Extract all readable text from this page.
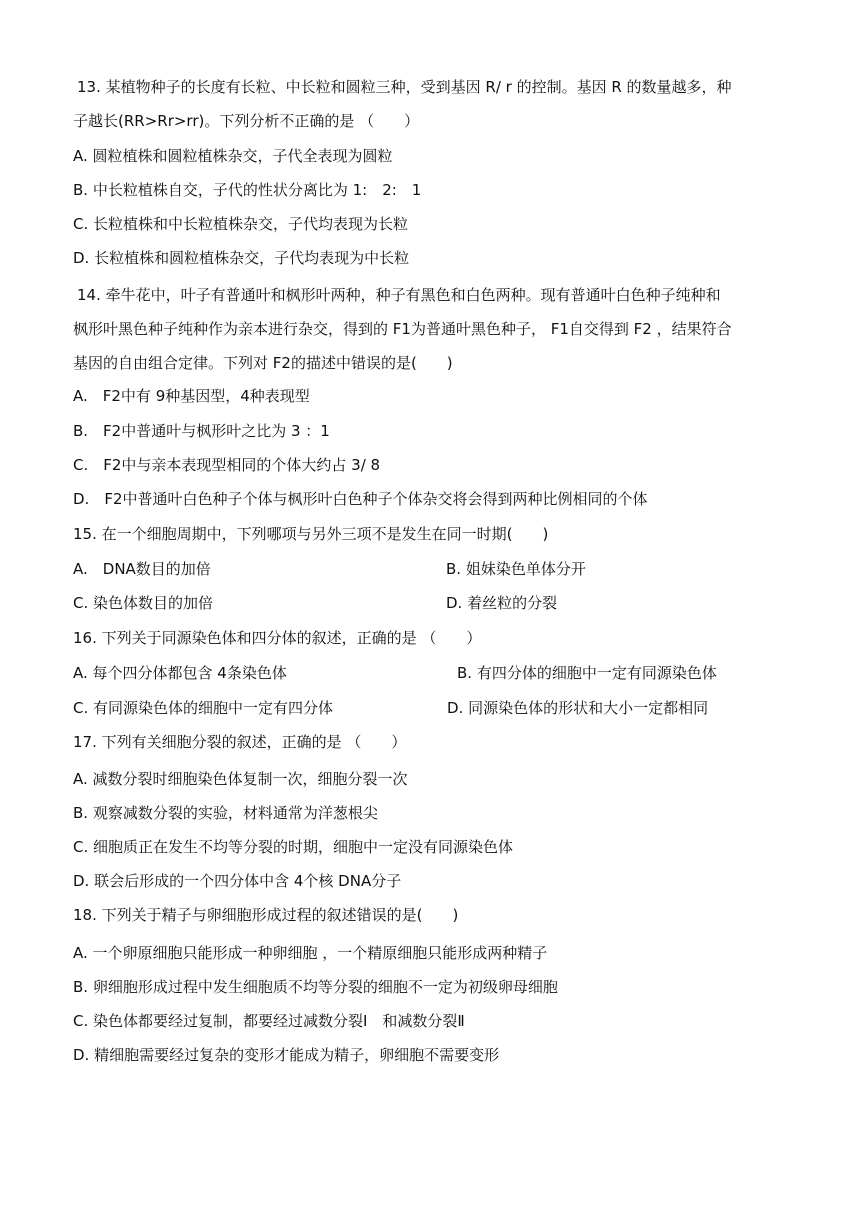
13. 某植物种子的长度有长粒、中长粒和圆粒三种，受到基因 R/ r 的控制。基因 R 的数量越多，种
子越长(RR>Rr>rr)。下列分析不正确的是 （　　）
A. 圆粒植株和圆粒植株杂交，子代全表现为圆粒
B. 中长粒植株自交，子代的性状分离比为 1:　2:　1
C. 长粒植株和中长粒植株杂交，子代均表现为长粒
D. 长粒植株和圆粒植株杂交，子代均表现为中长粒
14. 牵牛花中，叶子有普通叶和枫形叶两种，种子有黑色和白色两种。现有普通叶白色种子纯种和
枫形叶黑色种子纯种作为亲本进行杂交，得到的 F1为普通叶黑色种子， F1自交得到 F2 ，结果符合
基因的自由组合定律。下列对 F2的描述中错误的是(　　)
A.　F2中有 9种基因型，4种表现型
B.　F2中普通叶与枫形叶之比为 3 ：1
C.　F2中与亲本表现型相同的个体大约占 3/ 8
D.　F2中普通叶白色种子个体与枫形叶白色种子个体杂交将会得到两种比例相同的个体
15. 在一个细胞周期中，下列哪项与另外三项不是发生在同一时期(　　)
A.　DNA数目的加倍	B. 姐妹染色单体分开
C. 染色体数目的加倍	D. 着丝粒的分裂
16. 下列关于同源染色体和四分体的叙述，正确的是 （　　）
A. 每个四分体都包含 4条染色体	B. 有四分体的细胞中一定有同源染色体
C. 有同源染色体的细胞中一定有四分体	D. 同源染色体的形状和大小一定都相同
17. 下列有关细胞分裂的叙述，正确的是 （　　）
A. 减数分裂时细胞染色体复制一次，细胞分裂一次
B. 观察减数分裂的实验，材料通常为洋葱根尖
C. 细胞质正在发生不均等分裂的时期，细胞中一定没有同源染色体
D. 联会后形成的一个四分体中含 4个核 DNA分子
18. 下列关于精子与卵细胞形成过程的叙述错误的是(　　)
A. 一个卵原细胞只能形成一种卵细胞 ，一个精原细胞只能形成两种精子
B. 卵细胞形成过程中发生细胞质不均等分裂的细胞不一定为初级卵母细胞
C. 染色体都要经过复制，都要经过减数分裂Ⅰ　和减数分裂Ⅱ
D. 精细胞需要经过复杂的变形才能成为精子，卵细胞不需要变形
